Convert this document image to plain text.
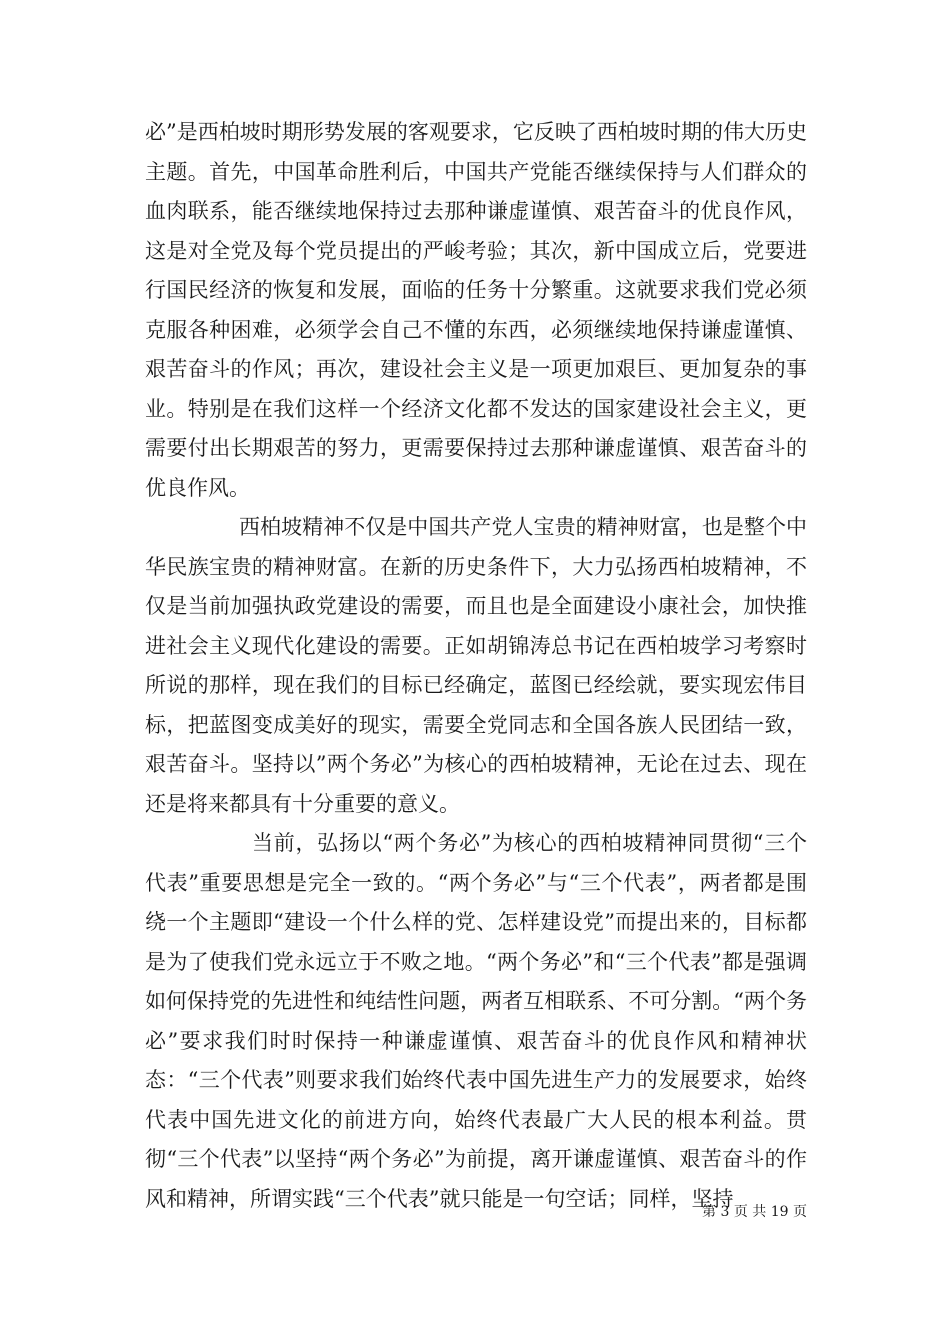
必”是西柏坡时期形势发展的客观要求，它反映了西柏坡时期的伟大历史主题。首先，中国革命胜利后，中国共产党能否继续保持与人们群众的血肉联系，能否继续地保持过去那种谦虚谨慎、艰苦奋斗的优良作风，这是对全党及每个党员提出的严峻考验；其次，新中国成立后，党要进行国民经济的恢复和发展，面临的任务十分繁重。这就要求我们党必须克服各种困难，必须学会自己不懂的东西，必须继续地保持谦虚谨慎、艰苦奋斗的作风；再次，建设社会主义是一项更加艰巨、更加复杂的事业。特别是在我们这样一个经济文化都不发达的国家建设社会主义，更需要付出长期艰苦的努力，更需要保持过去那种谦虚谨慎、艰苦奋斗的优良作风。

西柏坡精神不仅是中国共产党人宝贵的精神财富，也是整个中华民族宝贵的精神财富。在新的历史条件下，大力弘扬西柏坡精神，不仅是当前加强执政党建设的需要，而且也是全面建设小康社会，加快推进社会主义现代化建设的需要。正如胡锦涛总书记在西柏坡学习考察时所说的那样，现在我们的目标已经确定，蓝图已经绘就，要实现宏伟目标，把蓝图变成美好的现实，需要全党同志和全国各族人民团结一致，艰苦奋斗。坚持以”两个务必”为核心的西柏坡精神，无论在过去、现在还是将来都具有十分重要的意义。

当前，弘扬以“两个务必”为核心的西柏坡精神同贯彻“三个代表”重要思想是完全一致的。“两个务必”与“三个代表”，两者都是围绕一个主题即“建设一个什么样的党、怎样建设党”而提出来的，目标都是为了使我们党永远立于不败之地。“两个务必”和“三个代表”都是强调如何保持党的先进性和纯结性问题，两者互相联系、不可分割。“两个务必”要求我们时时保持一种谦虚谨慎、艰苦奋斗的优良作风和精神状态：“三个代表”则要求我们始终代表中国先进生产力的发展要求，始终代表中国先进文化的前进方向，始终代表最广大人民的根本利益。贯彻“三个代表”以坚持“两个务必”为前提，离开谦虚谨慎、艰苦奋斗的作风和精神，所谓实践“三个代表”就只能是一句空话；同样，坚持

第 3 页 共 19 页
